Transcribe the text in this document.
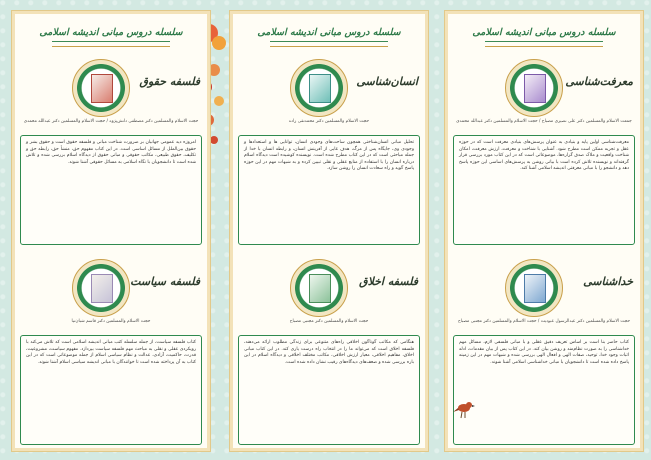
سلسله دروس مبانی اندیشه اسلامی
معرفت‌شناسی
جمعت الاسلام والمسلمین دکتر علی نصیری مصباح / حجت الاسلام والمسلمین دکتر عبدالله محمدی
معرفت‌شناسی اولین پایه و بنیادی به عنوان پرسش‌های بنیادی معرفت است که در حوزه عقل و تجربه ممکن است مطرح شود. آشنایی با شناخت و معرفت، ارزش معرفت، امکان شناخت واقعیت و ملاک صدق گزاره‌ها، موضوعاتی است که در این کتاب مورد بررسی قرار گرفته‌اند و نویسنده تلاش کرده است با بیانی روشن به پرسش‌های اساسی این حوزه پاسخ دهد و دانشجو را با مبانی معرفتی اندیشه اسلامی آشنا کند.
خداشناسی
حجت الاسلام والمسلمین دکتر عبدالرسول عبودیت / حجت الاسلام والمسلمین دکتر مجتبی مصباح
کتاب حاضر بنا است بر اساس تعریف دقیق عقلی و با مبانی فلسفی لازم، مسائل مهم خداشناسی را به صورت نظام‌مند و روشن بیان کند. در این کتاب پس از بیان مقدمات، ادله اثبات وجود خدا، توحید، صفات الهی و افعال الهی بررسی شده و شبهات مهم در این زمینه پاسخ داده شده است تا دانشجویان با مبانی خداشناسی اسلامی آشنا شوند.
سلسله دروس مبانی اندیشه اسلامی
انسان‌شناسی
حجت الاسلام والمسلمین دکتر محمدتقی زاده
تحلیل مبانی انسان‌شناختی همچون ساحت‌های وجودی انسان، توانایی ها و استعدادها و وجودی وی، جایگاه پس از مرگ، هدف غایی از آفرینش انسان، و رابطه انسان با خدا از جمله مباحثی است که در این کتاب مطرح شده است. نویسنده کوشیده است دیدگاه اسلام درباره انسان را با استفاده از منابع عقلی و نقلی تبیین کرده و به شبهات مهم در این حوزه پاسخ گوید و راه سعادت انسان را روشن سازد.
فلسفه اخلاق
حجت الاسلام والمسلمین دکتر مجتبی مصباح
هنگامی که مکاتب گوناگون اخلاقی راه‌های متنوعی برای زندگی مطلوب ارائه می‌دهند، فلسفه اخلاق است که می‌تواند ما را در انتخاب راه درست یاری کند. در این کتاب مبانی اخلاق، مفاهیم اخلاقی، معیار ارزش اخلاقی، مکاتب مختلف اخلاقی و دیدگاه اسلام در این باره بررسی شده و ضعف‌های دیدگاه‌های رقیب نشان داده شده است.
سلسله دروس مبانی اندیشه اسلامی
فلسفه حقوق
حجت الاسلام والمسلمین دکتر مصطفی دانش‌پژوه / حجت الاسلام والمسلمین دکتر عبدالله محمدی
امروزه دید عمومی جهانیان بر ضرورت شناخت مبانی و فلسفه حقوق است و حقوق بشر و حقوق بین‌الملل از مسائل اساسی است. در این کتاب مفهوم حق، منشأ حق، رابطه حق و تکلیف، حقوق طبیعی، مکاتب حقوقی و مبانی حقوق از دیدگاه اسلام بررسی شده و تلاش شده است تا دانشجویان با نگاه اسلامی به مسائل حقوقی آشنا شوند.
فلسفه سیاست
حجت الاسلام والمسلمین دکتر قاسم شبان‌نیا
کتاب فلسفه سیاست، از جمله سلسله کتب مبانی اندیشه اسلامی است که تلاش می‌کند با رویکردی عقلی و نقلی به مباحث مهم فلسفه سیاست بپردازد. مفهوم سیاست، مشروعیت، قدرت، حاکمیت، آزادی، عدالت و نظام سیاسی اسلام از جمله موضوعاتی است که در این کتاب به آن پرداخته شده است تا خوانندگان با مبانی اندیشه سیاسی اسلام آشنا شوند.
